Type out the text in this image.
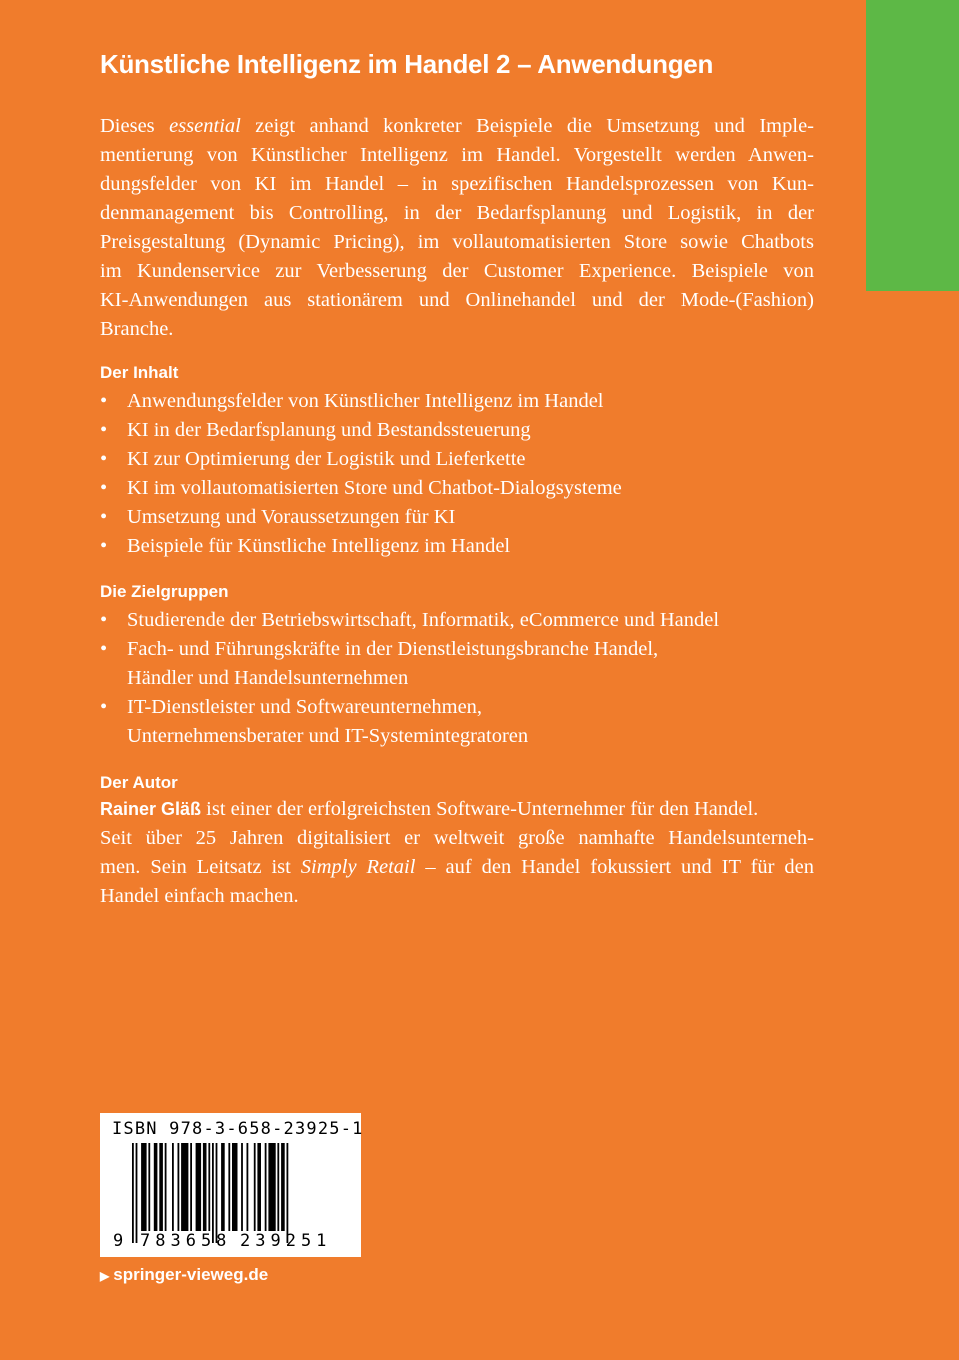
Künstliche Intelligenz im Handel 2 – Anwendungen
Dieses essential zeigt anhand konkreter Beispiele die Umsetzung und Imple-
mentierung von Künstlicher Intelligenz im Handel. Vorgestellt werden Anwen-
dungsfelder von KI im Handel – in spezifischen Handelsprozessen von Kun-
denmanagement bis Controlling, in der Bedarfsplanung und Logistik, in der
Preisgestaltung (Dynamic Pricing), im vollautomatisierten Store sowie Chatbots
im Kundenservice zur Verbesserung der Customer Experience. Beispiele von
KI-Anwendungen aus stationärem und Onlinehandel und der Mode-(Fashion)
Branche.
Der Inhalt
• Anwendungsfelder von Künstlicher Intelligenz im Handel
• KI in der Bedarfsplanung und Bestandssteuerung
• KI zur Optimierung der Logistik und Lieferkette
• KI im vollautomatisierten Store und Chatbot-Dialogsysteme
• Umsetzung und Voraussetzungen für KI
• Beispiele für Künstliche Intelligenz im Handel
Die Zielgruppen
• Studierende der Betriebswirtschaft, Informatik, eCommerce und Handel
• Fach- und Führungskräfte in der Dienstleistungsbranche Handel,
Händler und Handelsunternehmen
• IT-Dienstleister und Softwareunternehmen,
Unternehmensberater und IT-Systemintegratoren
Der Autor
Rainer Gläß ist einer der erfolgreichsten Software-Unternehmer für den Handel.
Seit über 25 Jahren digitalisiert er weltweit große namhafte Handelsunterneh-
men. Sein Leitsatz ist Simply Retail – auf den Handel fokussiert und IT für den
Handel einfach machen.
ISBN 978-3-658-23925-1
9 783658 239251
▶ springer-vieweg.de
